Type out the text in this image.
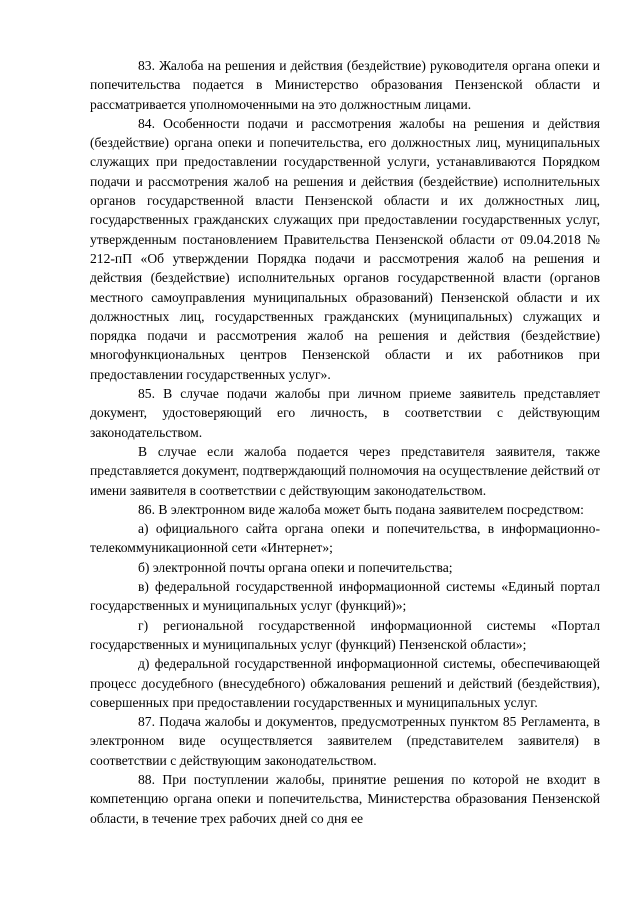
83. Жалоба на решения и действия (бездействие) руководителя органа опеки и попечительства подается в Министерство образования Пензенской области и рассматривается уполномоченными на это должностным лицами.

84. Особенности подачи и рассмотрения жалобы на решения и действия (бездействие) органа опеки и попечительства, его должностных лиц, муниципальных служащих при предоставлении государственной услуги, устанавливаются Порядком подачи и рассмотрения жалоб на решения и действия (бездействие) исполнительных органов государственной власти Пензенской области и их должностных лиц, государственных гражданских служащих при предоставлении государственных услуг, утвержденным постановлением Правительства Пензенской области от 09.04.2018 № 212-пП «Об утверждении Порядка подачи и рассмотрения жалоб на решения и действия (бездействие) исполнительных органов государственной власти (органов местного самоуправления муниципальных образований) Пензенской области и их должностных лиц, государственных гражданских (муниципальных) служащих и порядка подачи и рассмотрения жалоб на решения и действия (бездействие) многофункциональных центров Пензенской области и их работников при предоставлении государственных услуг».

85. В случае подачи жалобы при личном приеме заявитель представляет документ, удостоверяющий его личность, в соответствии с действующим законодательством.

В случае если жалоба подается через представителя заявителя, также представляется документ, подтверждающий полномочия на осуществление действий от имени заявителя в соответствии с действующим законодательством.

86. В электронном виде жалоба может быть подана заявителем посредством:

а) официального сайта органа опеки и попечительства, в информационно-телекоммуникационной сети «Интернет»;

б) электронной почты органа опеки и попечительства;

в) федеральной государственной информационной системы «Единый портал государственных и муниципальных услуг (функций)»;

г) региональной государственной информационной системы «Портал государственных и муниципальных услуг (функций) Пензенской области»;

д) федеральной государственной информационной системы, обеспечивающей процесс досудебного (внесудебного) обжалования решений и действий (бездействия), совершенных при предоставлении государственных и муниципальных услуг.

87. Подача жалобы и документов, предусмотренных пунктом 85 Регламента, в электронном виде осуществляется заявителем (представителем заявителя) в соответствии с действующим законодательством.

88. При поступлении жалобы, принятие решения по которой не входит в компетенцию органа опеки и попечительства, Министерства образования Пензенской области, в течение трех рабочих дней со дня ее
